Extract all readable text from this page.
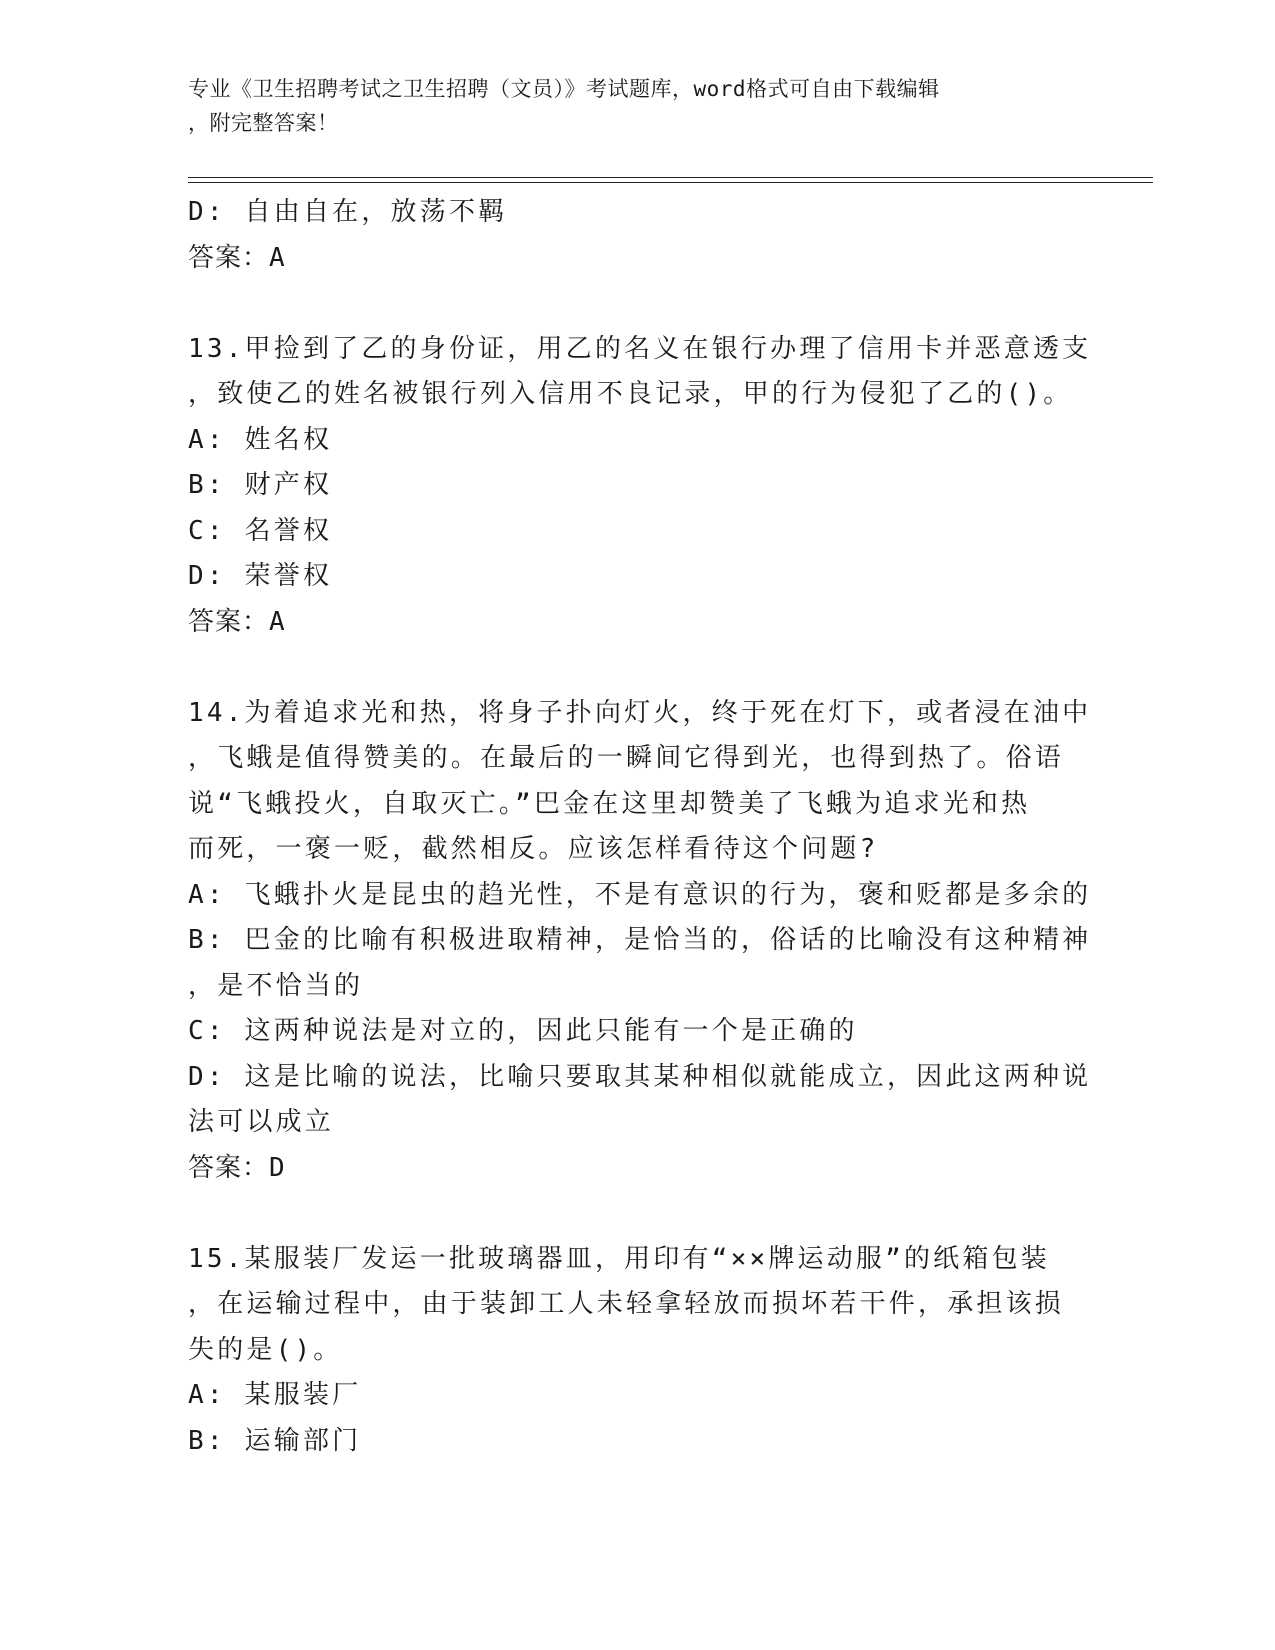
专业《卫生招聘考试之卫生招聘（文员）》考试题库，word格式可自由下载编辑
，附完整答案！
D: 自由自在，放荡不羁
答案：A
13.甲捡到了乙的身份证，用乙的名义在银行办理了信用卡并恶意透支
，致使乙的姓名被银行列入信用不良记录，甲的行为侵犯了乙的()。
A: 姓名权
B: 财产权
C: 名誉权
D: 荣誉权
答案：A
14.为着追求光和热，将身子扑向灯火，终于死在灯下，或者浸在油中
，飞蛾是值得赞美的。在最后的一瞬间它得到光，也得到热了。俗语
说“飞蛾投火，自取灭亡。”巴金在这里却赞美了飞蛾为追求光和热
而死，一褒一贬，截然相反。应该怎样看待这个问题?
A: 飞蛾扑火是昆虫的趋光性，不是有意识的行为，褒和贬都是多余的
B: 巴金的比喻有积极进取精神，是恰当的，俗话的比喻没有这种精神
，是不恰当的
C: 这两种说法是对立的，因此只能有一个是正确的
D: 这是比喻的说法，比喻只要取其某种相似就能成立，因此这两种说
法可以成立
答案：D
15.某服装厂发运一批玻璃器皿，用印有“××牌运动服”的纸箱包装
，在运输过程中，由于装卸工人未轻拿轻放而损坏若干件，承担该损
失的是()。
A: 某服装厂
B: 运输部门
